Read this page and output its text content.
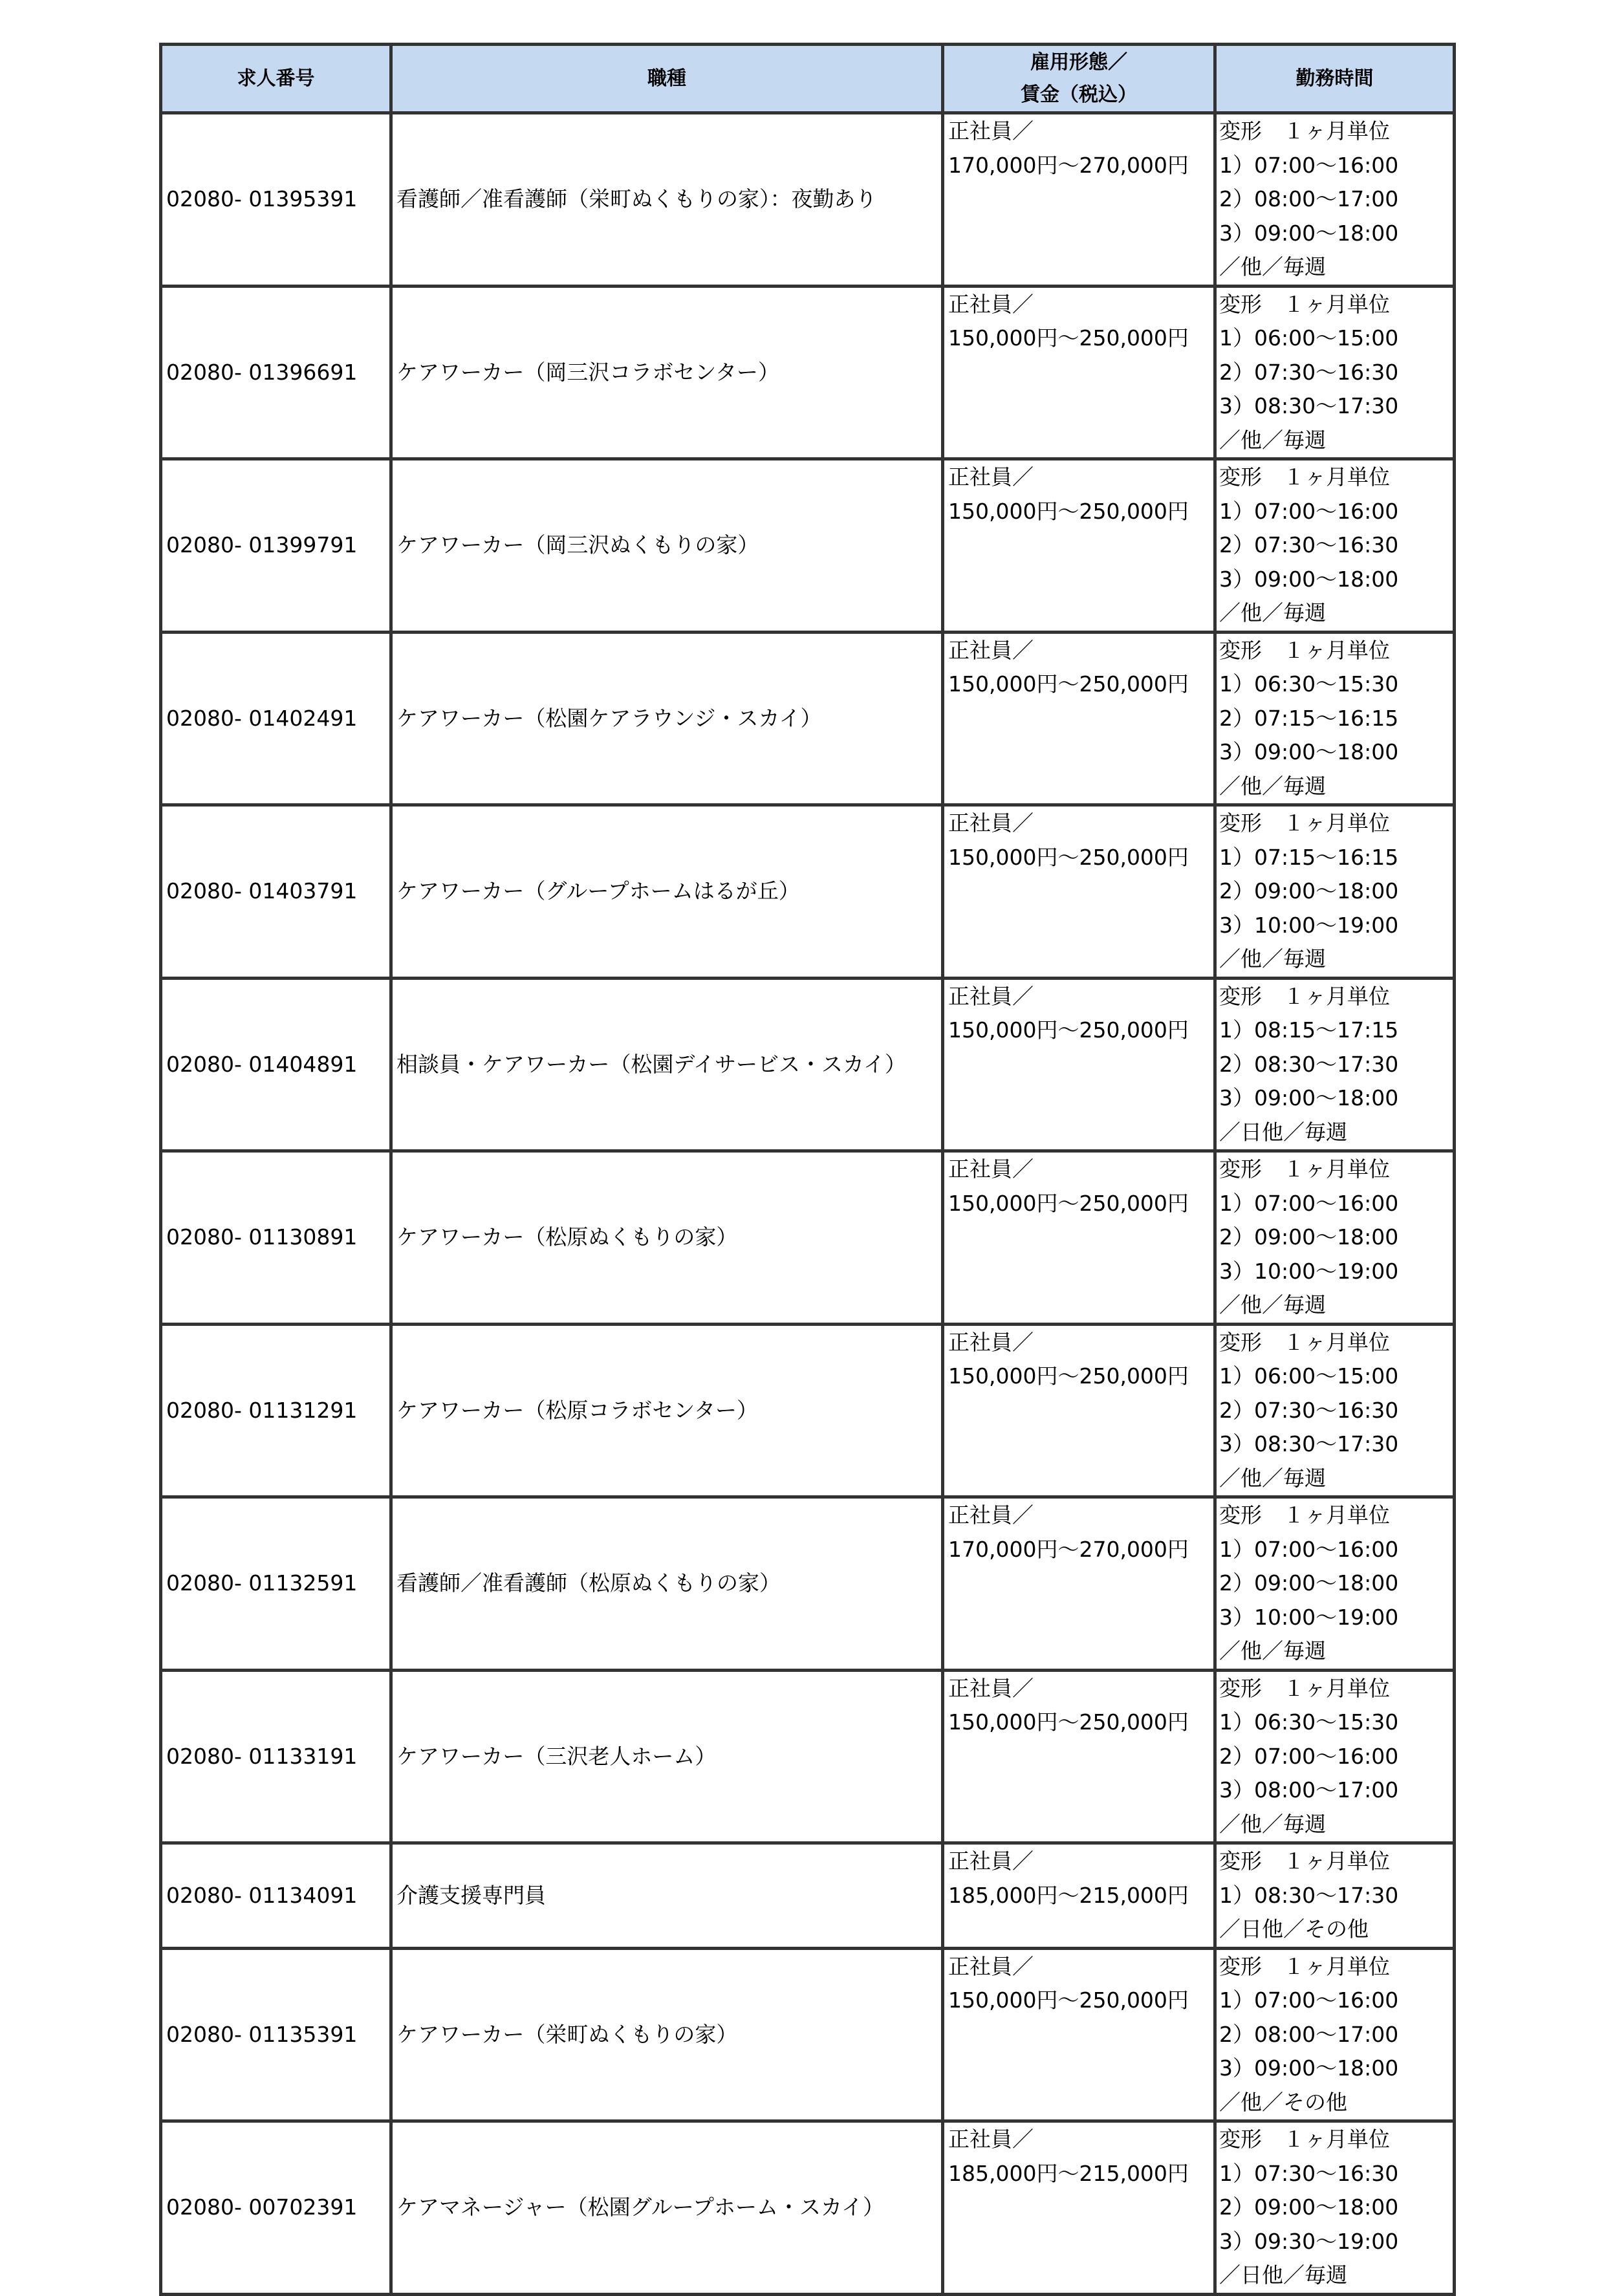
求人番号	職種	雇用形態／
賃金（税込）	勤務時間
02080- 01395391	看護師／准看護師（栄町ぬくもりの家）：夜勤あり	正社員／
170,000円〜270,000円	変形　１ヶ月単位
1）07:00〜16:00
2）08:00〜17:00
3）09:00〜18:00
／他／毎週

02080- 01396691	ケアワーカー（岡三沢コラボセンター）	正社員／
150,000円〜250,000円	変形　１ヶ月単位
1）06:00〜15:00
2）07:30〜16:30
3）08:30〜17:30
／他／毎週

02080- 01399791	ケアワーカー（岡三沢ぬくもりの家）	正社員／
150,000円〜250,000円	変形　１ヶ月単位
1）07:00〜16:00
2）07:30〜16:30
3）09:00〜18:00
／他／毎週

02080- 01402491	ケアワーカー（松園ケアラウンジ・スカイ）	正社員／
150,000円〜250,000円	変形　１ヶ月単位
1）06:30〜15:30
2）07:15〜16:15
3）09:00〜18:00
／他／毎週

02080- 01403791	ケアワーカー（グループホームはるが丘）	正社員／
150,000円〜250,000円	変形　１ヶ月単位
1）07:15〜16:15
2）09:00〜18:00
3）10:00〜19:00
／他／毎週

02080- 01404891	相談員・ケアワーカー（松園デイサービス・スカイ）	正社員／
150,000円〜250,000円	変形　１ヶ月単位
1）08:15〜17:15
2）08:30〜17:30
3）09:00〜18:00
／日他／毎週

02080- 01130891	ケアワーカー（松原ぬくもりの家）	正社員／
150,000円〜250,000円	変形　１ヶ月単位
1）07:00〜16:00
2）09:00〜18:00
3）10:00〜19:00
／他／毎週

02080- 01131291	ケアワーカー（松原コラボセンター）	正社員／
150,000円〜250,000円	変形　１ヶ月単位
1）06:00〜15:00
2）07:30〜16:30
3）08:30〜17:30
／他／毎週

02080- 01132591	看護師／准看護師（松原ぬくもりの家）	正社員／
170,000円〜270,000円	変形　１ヶ月単位
1）07:00〜16:00
2）09:00〜18:00
3）10:00〜19:00
／他／毎週

02080- 01133191	ケアワーカー（三沢老人ホーム）	正社員／
150,000円〜250,000円	変形　１ヶ月単位
1）06:30〜15:30
2）07:00〜16:00
3）08:00〜17:00
／他／毎週

02080- 01134091	介護支援専門員	正社員／
185,000円〜215,000円	変形　１ヶ月単位
1）08:30〜17:30
／日他／その他

02080- 01135391	ケアワーカー（栄町ぬくもりの家）	正社員／
150,000円〜250,000円	変形　１ヶ月単位
1）07:00〜16:00
2）08:00〜17:00
3）09:00〜18:00
／他／その他

02080- 00702391	ケアマネージャー（松園グループホーム・スカイ）	正社員／
185,000円〜215,000円	変形　１ヶ月単位
1）07:30〜16:30
2）09:00〜18:00
3）09:30〜19:00
／日他／毎週
